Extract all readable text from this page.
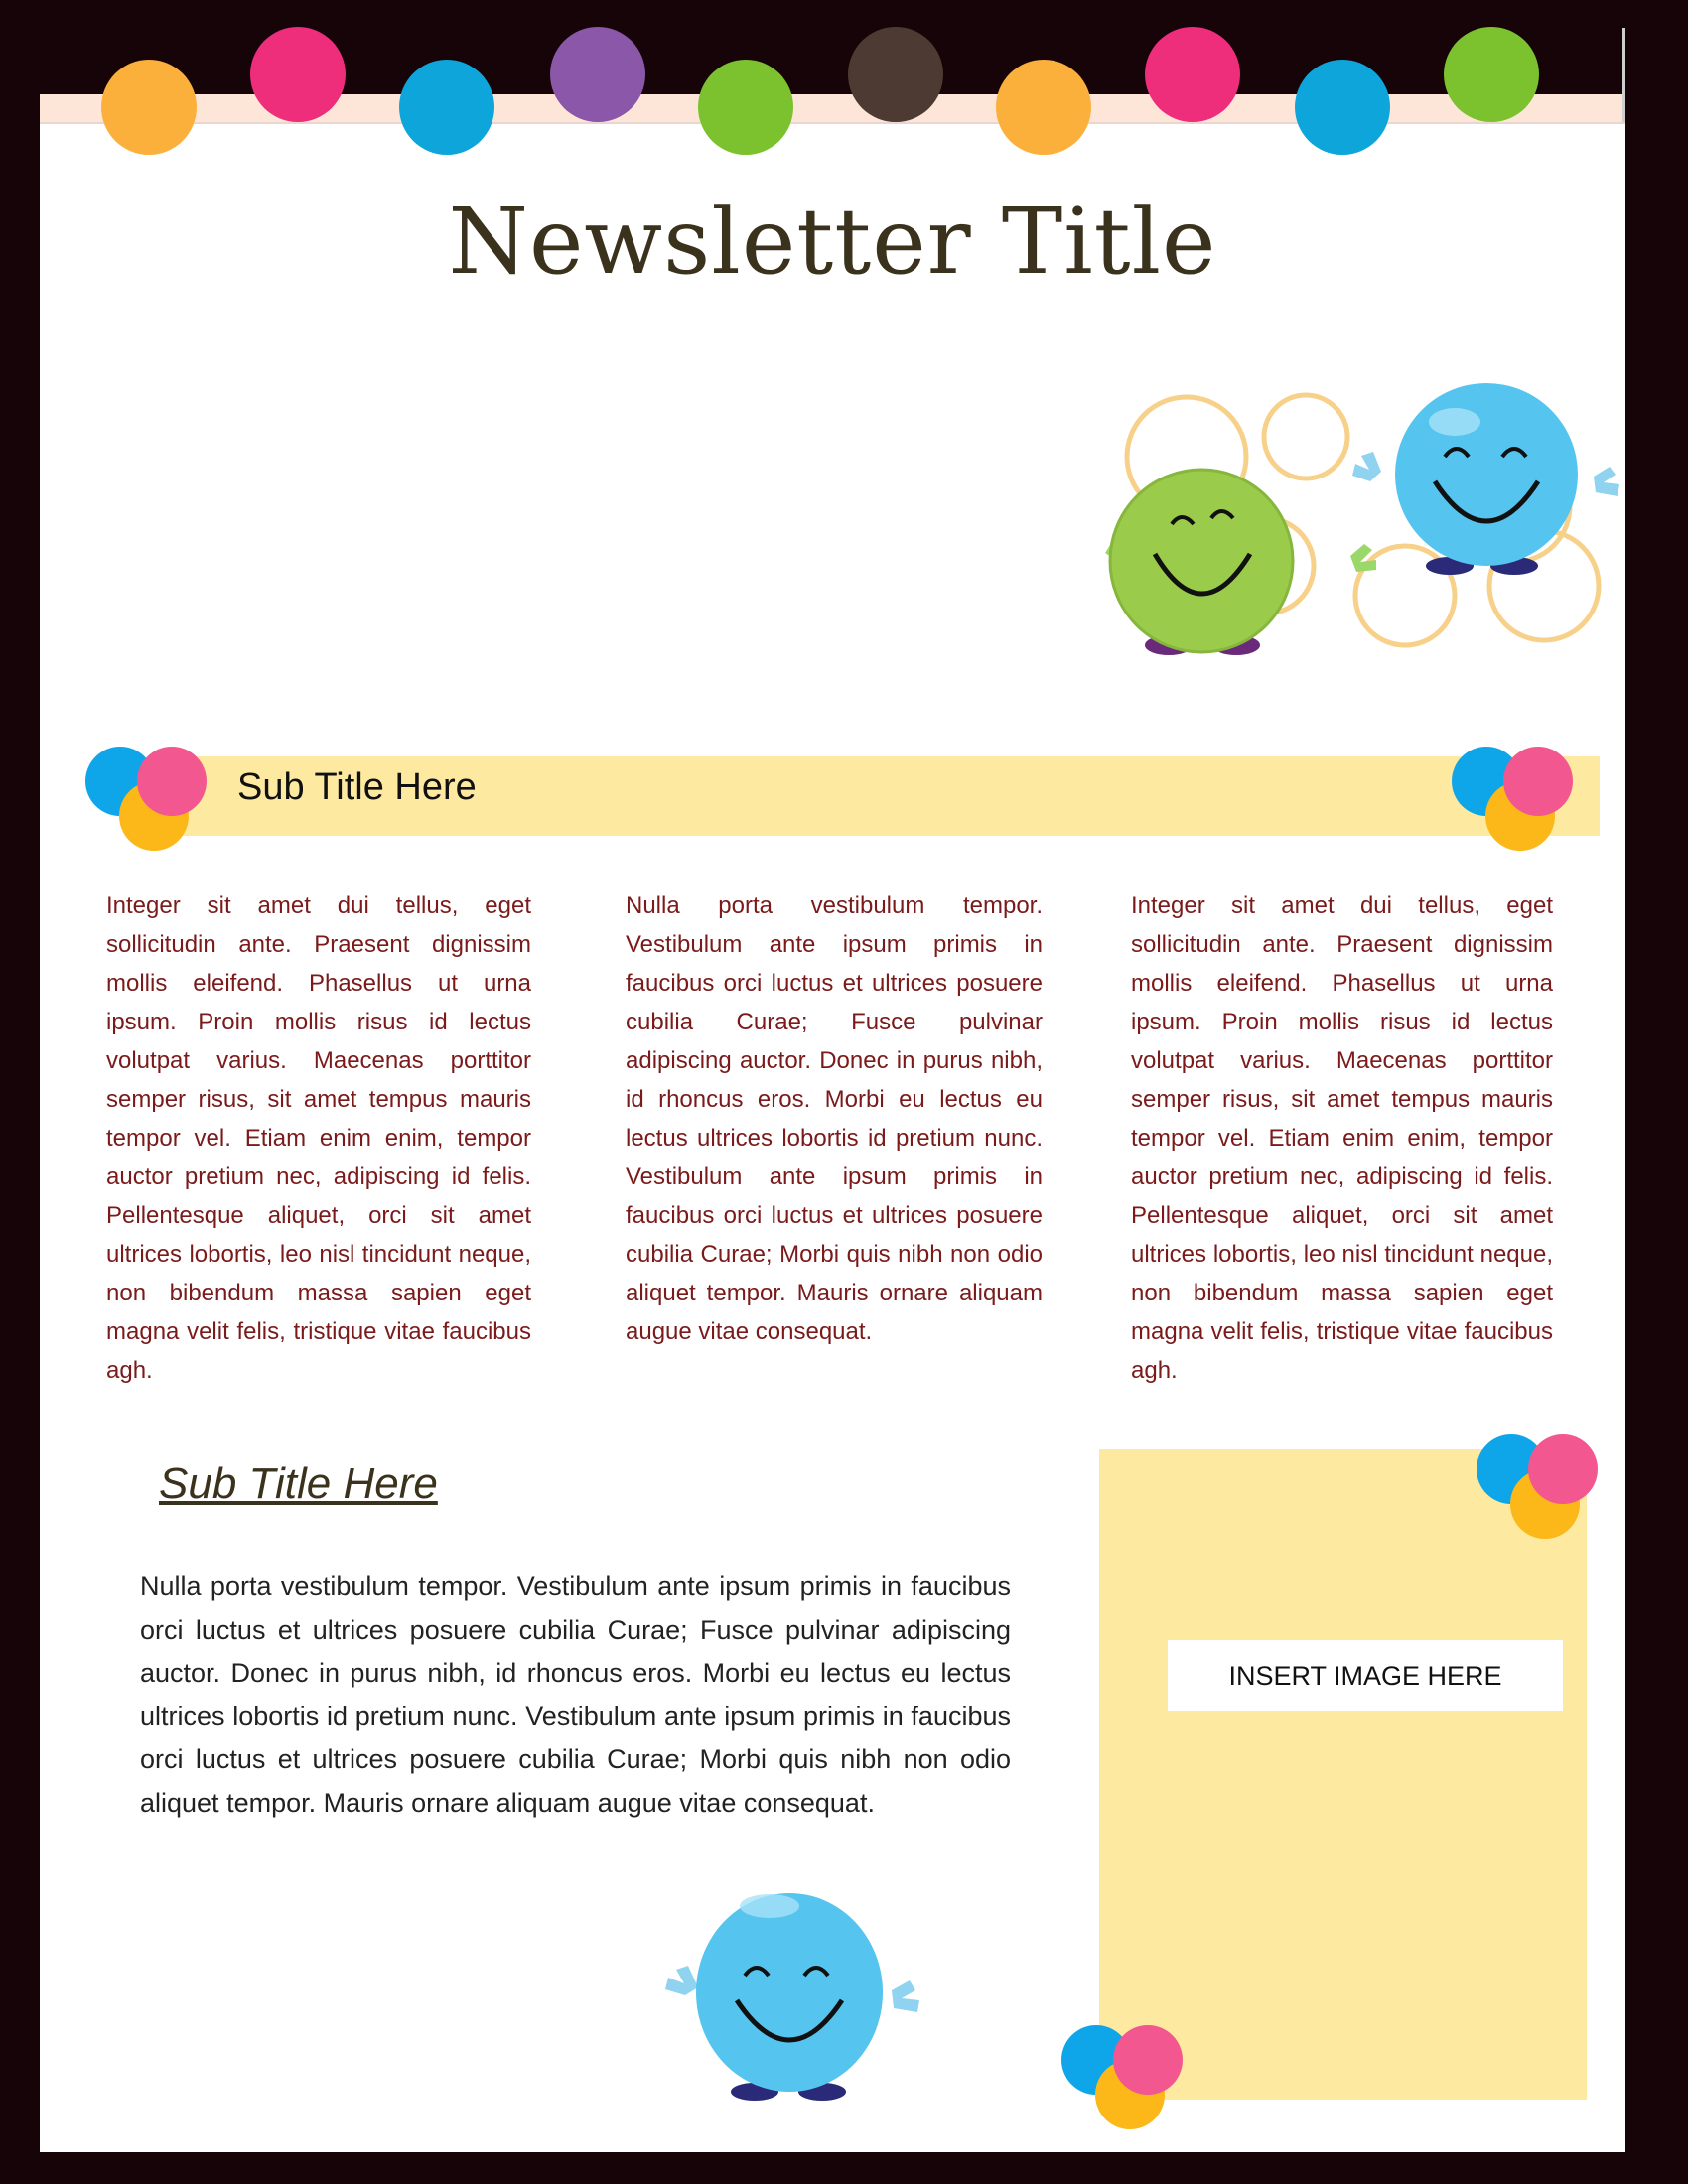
Newsletter Title
Sub Title Here

Integer sit amet dui tellus, eget sollicitudin ante. Praesent dignissim mollis eleifend. Phasellus ut urna ipsum. Proin mollis risus id lectus volutpat varius. Maecenas porttitor semper risus, sit amet tempus mauris tempor vel. Etiam enim enim, tempor auctor pretium nec, adipiscing id felis. Pellentesque aliquet, orci sit amet ultrices lobortis, leo nisl tincidunt neque, non bibendum massa sapien eget magna velit felis, tristique vitae faucibus agh.

Nulla porta vestibulum tempor. Vestibulum ante ipsum primis in faucibus orci luctus et ultrices posuere cubilia Curae; Fusce pulvinar adipiscing auctor. Donec in purus nibh, id rhoncus eros. Morbi eu lectus eu lectus ultrices lobortis id pretium nunc. Vestibulum ante ipsum primis in faucibus orci luctus et ultrices posuere cubilia Curae; Morbi quis nibh non odio aliquet tempor. Mauris ornare aliquam augue vitae consequat.

Integer sit amet dui tellus, eget sollicitudin ante. Praesent dignissim mollis eleifend. Phasellus ut urna ipsum. Proin mollis risus id lectus volutpat varius. Maecenas porttitor semper risus, sit amet tempus mauris tempor vel. Etiam enim enim, tempor auctor pretium nec, adipiscing id felis. Pellentesque aliquet, orci sit amet ultrices lobortis, leo nisl tincidunt neque, non bibendum massa sapien eget magna velit felis, tristique vitae faucibus agh.

Sub Title Here

Nulla porta vestibulum tempor. Vestibulum ante ipsum primis in faucibus orci luctus et ultrices posuere cubilia Curae; Fusce pulvinar adipiscing auctor. Donec in purus nibh, id rhoncus eros. Morbi eu lectus eu lectus ultrices lobortis id pretium nunc. Vestibulum ante ipsum primis in faucibus orci luctus et ultrices posuere cubilia Curae; Morbi quis nibh non odio aliquet tempor. Mauris ornare aliquam augue vitae consequat.

INSERT IMAGE HERE
